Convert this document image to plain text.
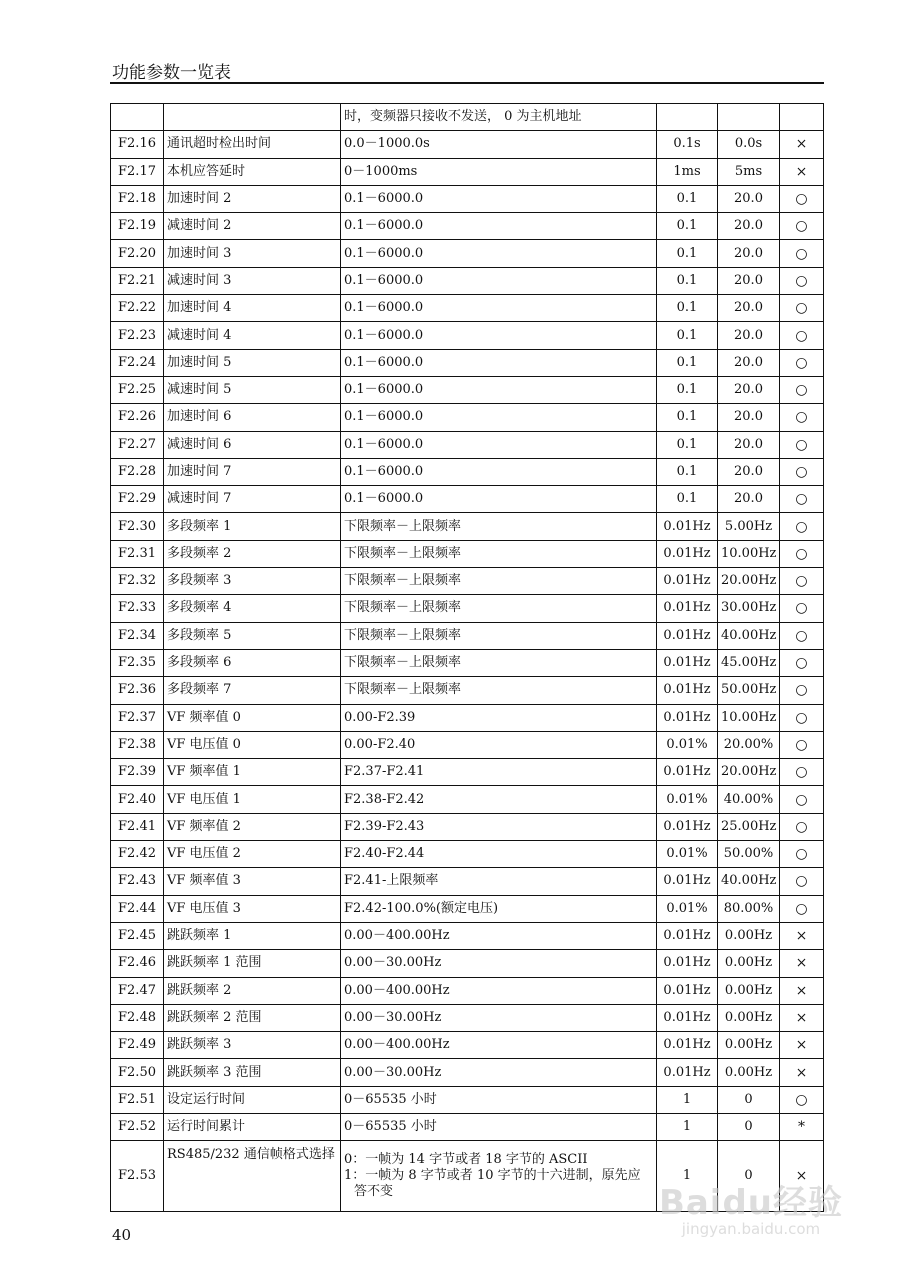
功能参数一览表
		时，变频器只接收不发送， 0 为主机地址			
F2.16	通讯超时检出时间	0.0－1000.0s	0.1s	0.0s	×
F2.17	本机应答延时	0－1000ms	1ms	5ms	×
F2.18	加速时间 2	0.1－6000.0	0.1	20.0	○
F2.19	减速时间 2	0.1－6000.0	0.1	20.0	○
F2.20	加速时间 3	0.1－6000.0	0.1	20.0	○
F2.21	减速时间 3	0.1－6000.0	0.1	20.0	○
F2.22	加速时间 4	0.1－6000.0	0.1	20.0	○
F2.23	减速时间 4	0.1－6000.0	0.1	20.0	○
F2.24	加速时间 5	0.1－6000.0	0.1	20.0	○
F2.25	减速时间 5	0.1－6000.0	0.1	20.0	○
F2.26	加速时间 6	0.1－6000.0	0.1	20.0	○
F2.27	减速时间 6	0.1－6000.0	0.1	20.0	○
F2.28	加速时间 7	0.1－6000.0	0.1	20.0	○
F2.29	减速时间 7	0.1－6000.0	0.1	20.0	○
F2.30	多段频率 1	下限频率－上限频率	0.01Hz	5.00Hz	○
F2.31	多段频率 2	下限频率－上限频率	0.01Hz	10.00Hz	○
F2.32	多段频率 3	下限频率－上限频率	0.01Hz	20.00Hz	○
F2.33	多段频率 4	下限频率－上限频率	0.01Hz	30.00Hz	○
F2.34	多段频率 5	下限频率－上限频率	0.01Hz	40.00Hz	○
F2.35	多段频率 6	下限频率－上限频率	0.01Hz	45.00Hz	○
F2.36	多段频率 7	下限频率－上限频率	0.01Hz	50.00Hz	○
F2.37	VF 频率值 0	0.00-F2.39	0.01Hz	10.00Hz	○
F2.38	VF 电压值 0	0.00-F2.40	0.01%	20.00%	○
F2.39	VF 频率值 1	F2.37-F2.41	0.01Hz	20.00Hz	○
F2.40	VF 电压值 1	F2.38-F2.42	0.01%	40.00%	○
F2.41	VF 频率值 2	F2.39-F2.43	0.01Hz	25.00Hz	○
F2.42	VF 电压值 2	F2.40-F2.44	0.01%	50.00%	○
F2.43	VF 频率值 3	F2.41-上限频率	0.01Hz	40.00Hz	○
F2.44	VF 电压值 3	F2.42-100.0%(额定电压)	0.01%	80.00%	○
F2.45	跳跃频率 1	0.00－400.00Hz	0.01Hz	0.00Hz	×
F2.46	跳跃频率 1 范围	0.00－30.00Hz	0.01Hz	0.00Hz	×
F2.47	跳跃频率 2	0.00－400.00Hz	0.01Hz	0.00Hz	×
F2.48	跳跃频率 2 范围	0.00－30.00Hz	0.01Hz	0.00Hz	×
F2.49	跳跃频率 3	0.00－400.00Hz	0.01Hz	0.00Hz	×
F2.50	跳跃频率 3 范围	0.00－30.00Hz	0.01Hz	0.00Hz	×
F2.51	设定运行时间	0－65535 小时	1	0	○
F2.52	运行时间累计	0－65535 小时	1	0	*
F2.53	RS485/232 通信帧格式选择	0：一帧为 14 字节或者 18 字节的 ASCII
1：一帧为 8 字节或者 10 字节的十六进制，原先应答不变	1	0	×
40
Baidu经验
jingyan.baidu.com
